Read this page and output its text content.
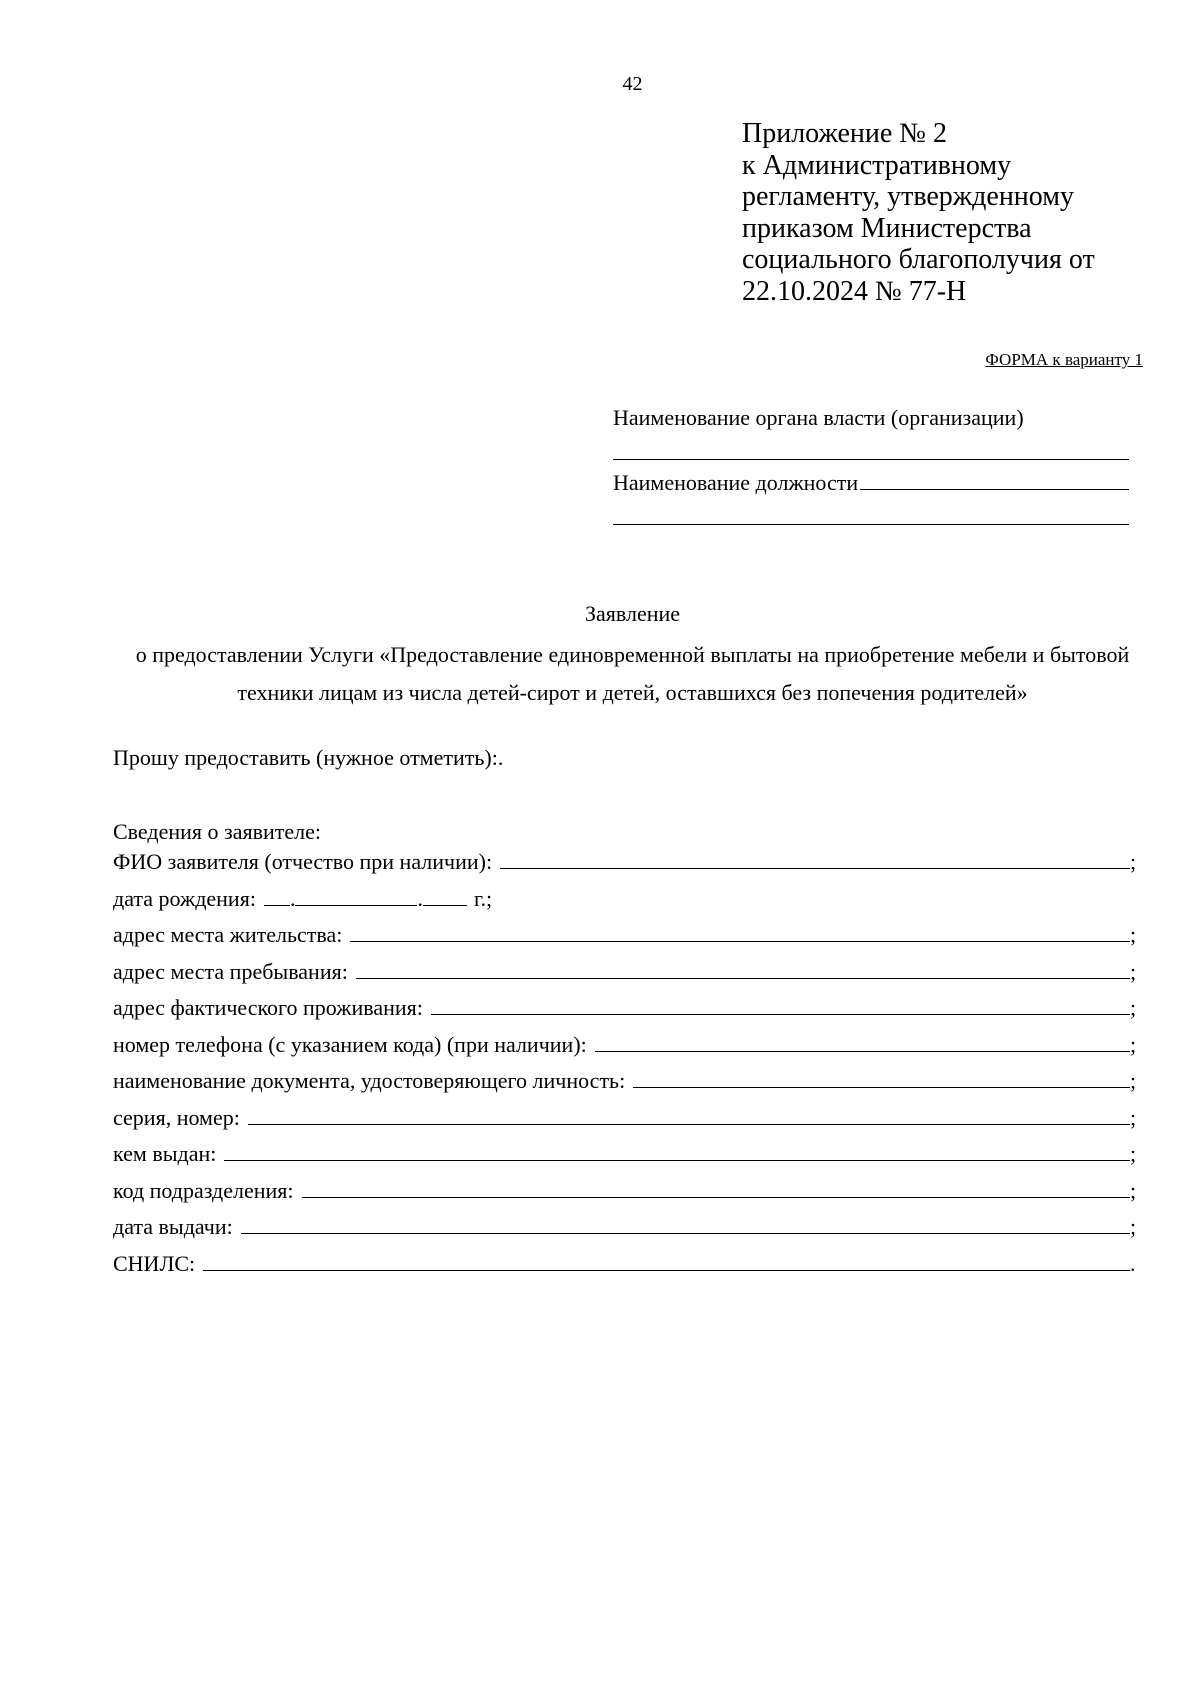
42
Приложение № 2
к Административному
регламенту, утвержденному
приказом Министерства
социального благополучия от
22.10.2024 № 77-Н
ФОРМА к варианту 1
Наименование органа власти (организации)
Наименование должности
Заявление
о предоставлении Услуги «Предоставление единовременной выплаты на приобретение мебели и бытовой техники лицам из числа детей-сирот и детей, оставшихся без попечения родителей»
Прошу предоставить (нужное отметить):.
Сведения о заявителе:
ФИО заявителя (отчество при наличии):	;
дата рождения: .	. г.;
адрес места жительства:	;
адрес места пребывания:	;
адрес фактического проживания:	;
номер телефона (с указанием кода) (при наличии):	;
наименование документа, удостоверяющего личность:	;
серия, номер:	;
кем выдан:	;
код подразделения:	;
дата выдачи:	;
СНИЛС:	.
